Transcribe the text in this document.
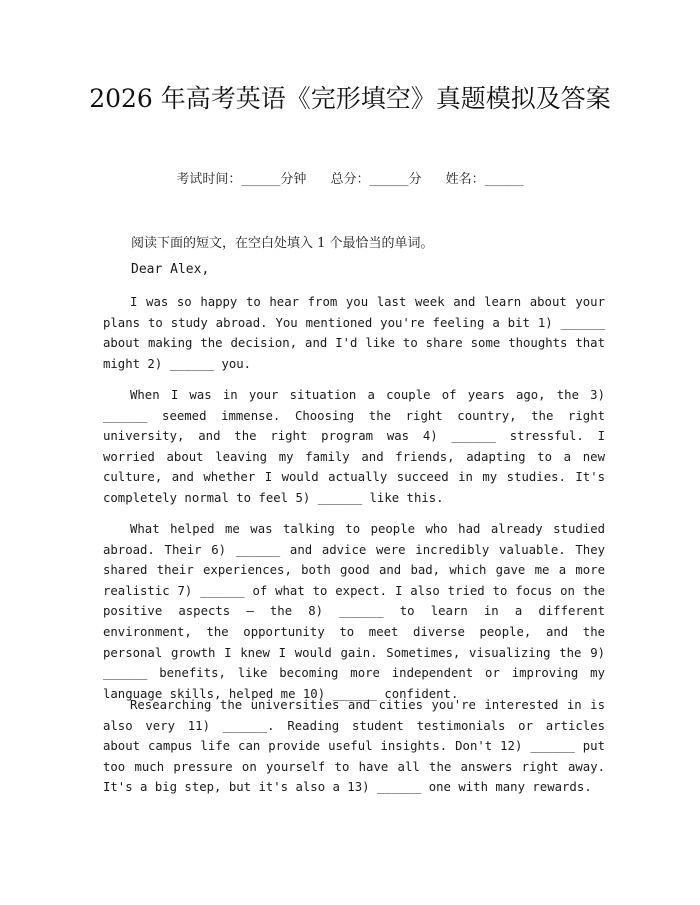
2026 年高考英语《完形填空》真题模拟及答案
考试时间：______分钟 总分：______分 姓名：______
阅读下面的短文，在空白处填入 1 个最恰当的单词。
Dear Alex,

I was so happy to hear from you last week and learn about your plans to study abroad. You mentioned you're feeling a bit 1) ______ about making the decision, and I'd like to share some thoughts that might 2) ______ you.

When I was in your situation a couple of years ago, the 3) ______ seemed immense. Choosing the right country, the right university, and the right program was 4) ______ stressful. I worried about leaving my family and friends, adapting to a new culture, and whether I would actually succeed in my studies. It's completely normal to feel 5) ______ like this.

What helped me was talking to people who had already studied abroad. Their 6) ______ and advice were incredibly valuable. They shared their experiences, both good and bad, which gave me a more realistic 7) ______ of what to expect. I also tried to focus on the positive aspects – the 8) ______ to learn in a different environment, the opportunity to meet diverse people, and the personal growth I knew I would gain. Sometimes, visualizing the 9) ______ benefits, like becoming more independent or improving my language skills, helped me 10) ______ confident.

Researching the universities and cities you're interested in is also very 11) ______. Reading student testimonials or articles about campus life can provide useful insights. Don't 12) ______ put too much pressure on yourself to have all the answers right away. It's a big step, but it's also a 13) ______ one with many rewards.
